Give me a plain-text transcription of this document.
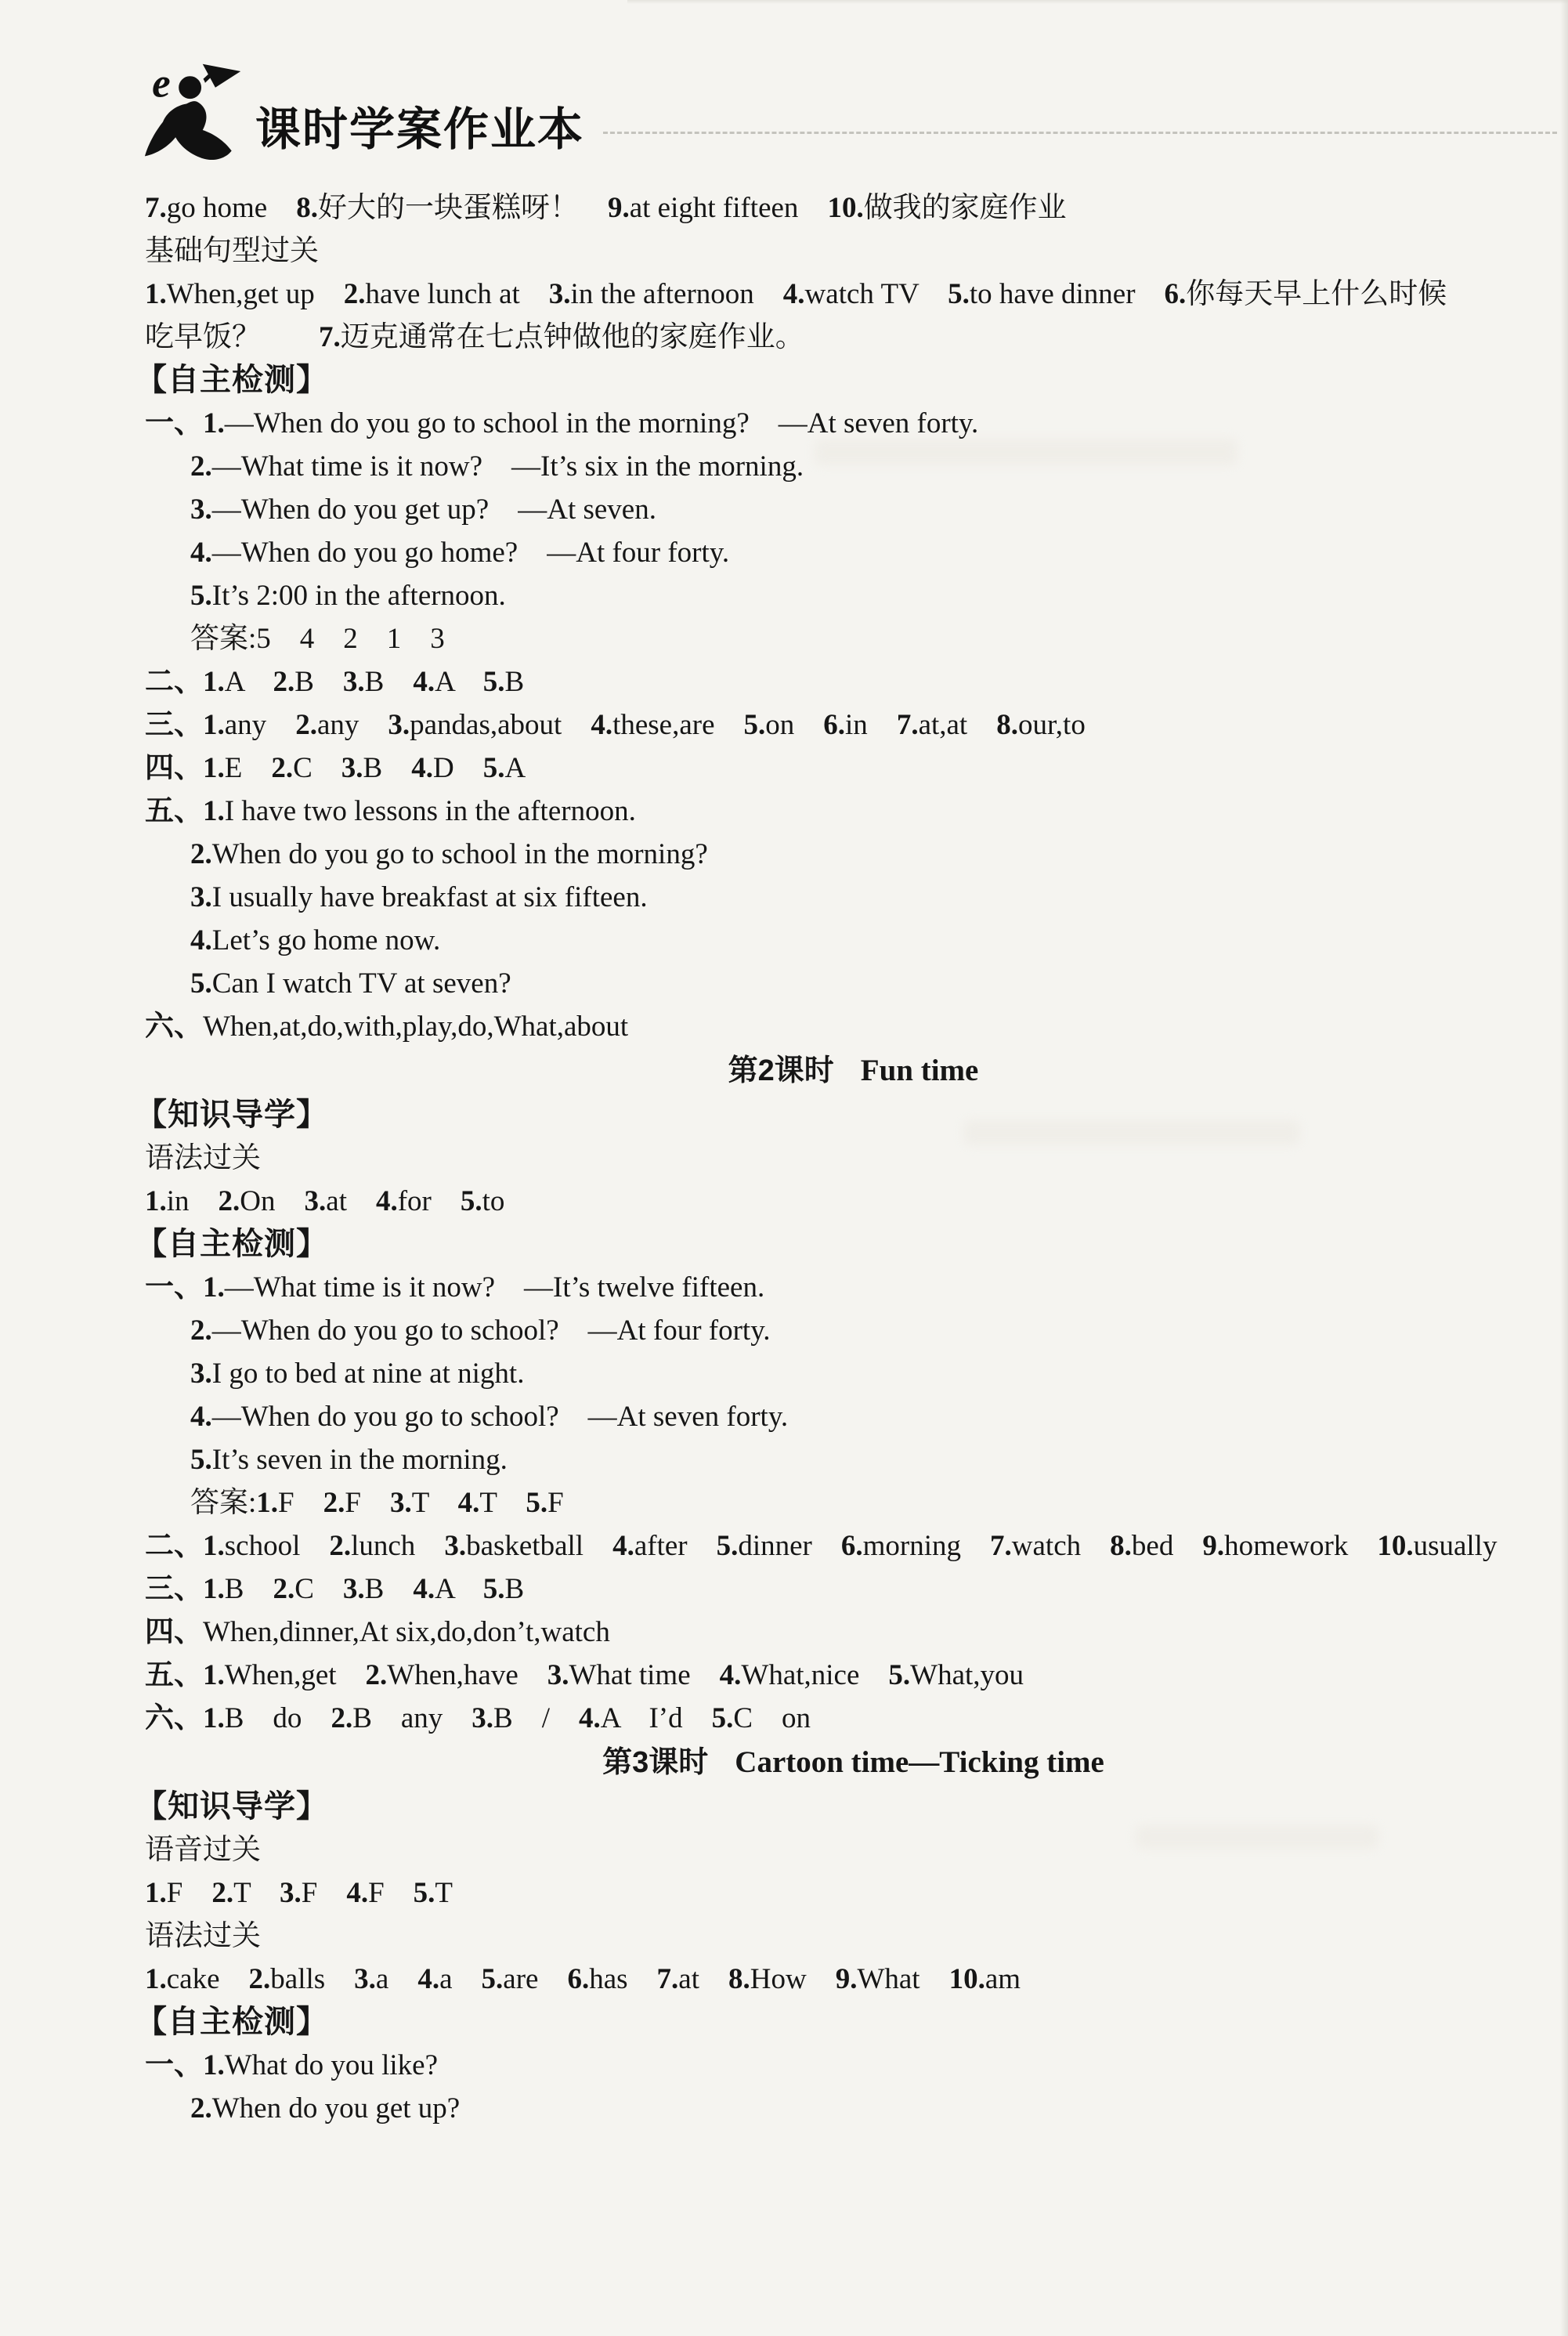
e
课时学案作业本
7.go home　8.好大的一块蛋糕呀！　9.at eight fifteen　10.做我的家庭作业
基础句型过关
1.When,get up　2.have lunch at　3.in the afternoon　4.watch TV　5.to have dinner　6.你每天早上什么时候
吃早饭？　　7.迈克通常在七点钟做他的家庭作业。
【自主检测】
一、1.—When do you go to school in the morning?　—At seven forty.
2.—What time is it now?　—It’s six in the morning.
3.—When do you get up?　—At seven.
4.—When do you go home?　—At four forty.
5.It’s 2:00 in the afternoon.
答案:5　4　2　1　3
二、1.A　2.B　3.B　4.A　5.B
三、1.any　2.any　3.pandas,about　4.these,are　5.on　6.in　7.at,at　8.our,to
四、1.E　2.C　3.B　4.D　5.A
五、1.I have two lessons in the afternoon.
2.When do you go to school in the morning?
3.I usually have breakfast at six fifteen.
4.Let’s go home now.
5.Can I watch TV at seven?
六、When,at,do,with,play,do,What,about
第2课时 Fun time
【知识导学】
语法过关
1.in　2.On　3.at　4.for　5.to
【自主检测】
一、1.—What time is it now?　—It’s twelve fifteen.
2.—When do you go to school?　—At four forty.
3.I go to bed at nine at night.
4.—When do you go to school?　—At seven forty.
5.It’s seven in the morning.
答案:1.F　2.F　3.T　4.T　5.F
二、1.school　2.lunch　3.basketball　4.after　5.dinner　6.morning　7.watch　8.bed　9.homework　10.usually
三、1.B　2.C　3.B　4.A　5.B
四、When,dinner,At six,do,don’t,watch
五、1.When,get　2.When,have　3.What time　4.What,nice　5.What,you
六、1.B　do　2.B　any　3.B　/　4.A　I’d　5.C　on
第3课时 Cartoon time—Ticking time
【知识导学】
语音过关
1.F　2.T　3.F　4.F　5.T
语法过关
1.cake　2.balls　3.a　4.a　5.are　6.has　7.at　8.How　9.What　10.am
【自主检测】
一、1.What do you like?
2.When do you get up?
